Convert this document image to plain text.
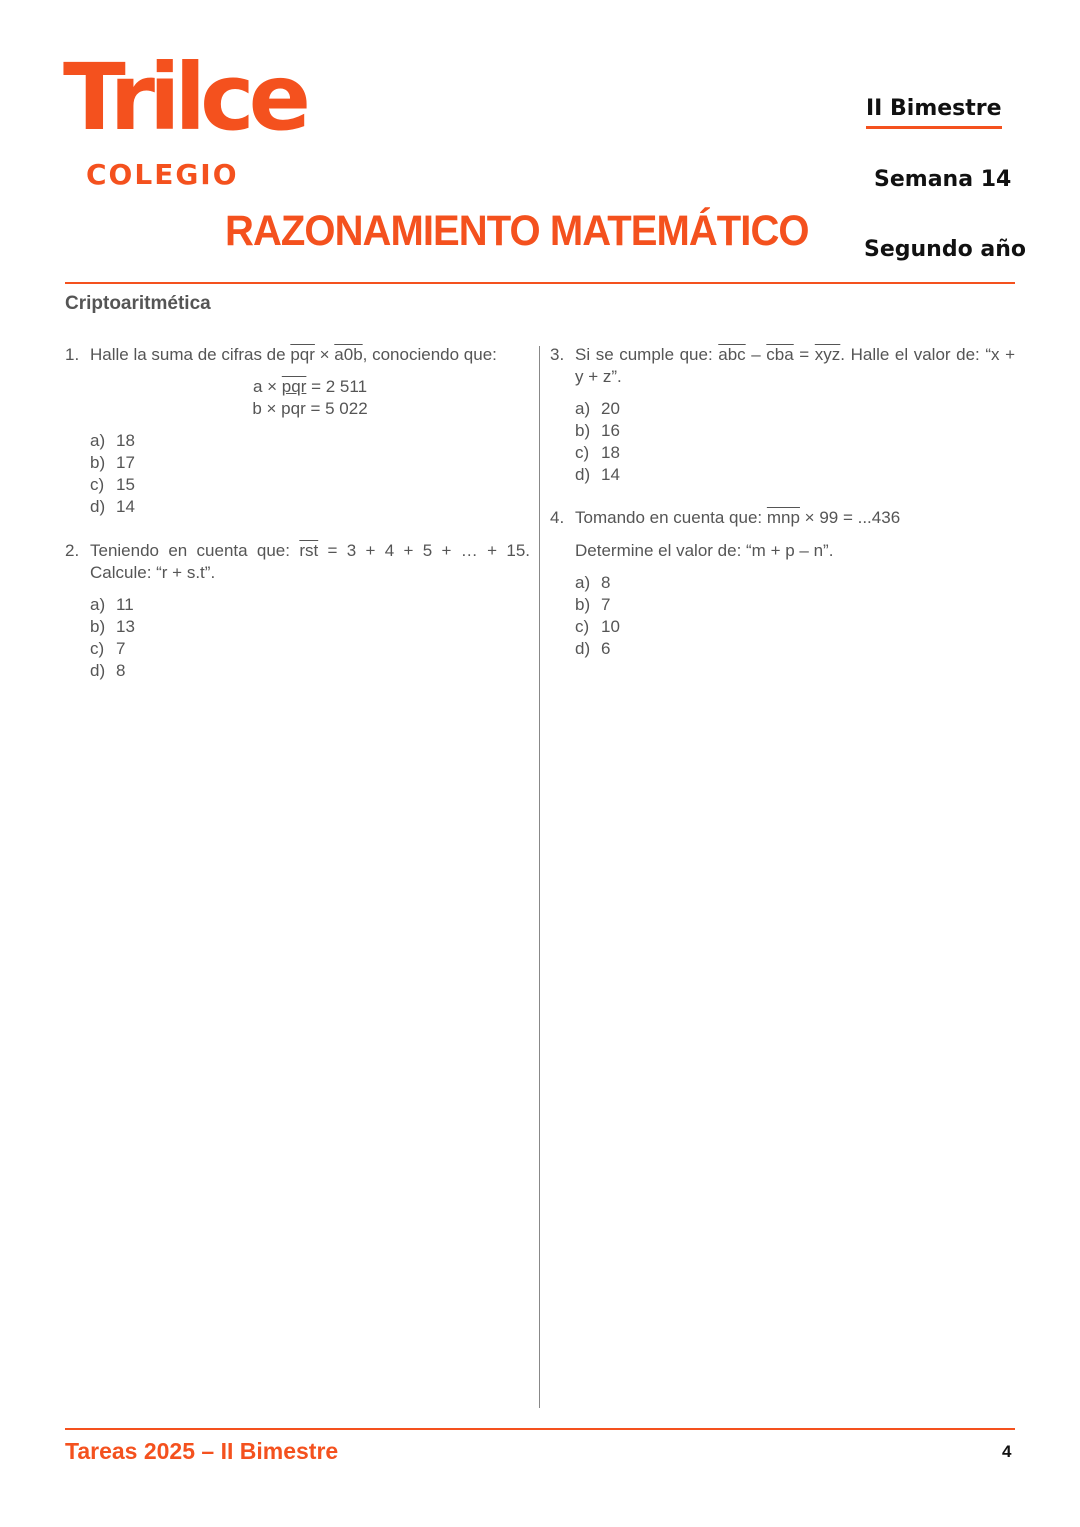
Trilce
COLEGIO
RAZONAMIENTO MATEMÁTICO
II Bimestre
Semana 14
Segundo año
Criptoaritmética
1. Halle la suma de cifras de $\overline{pqr} \times a0b$, conociendo que:
a × pqr = 2 511
b × pqr = 5 022
a) 18
b) 17
c) 15
d) 14
2. Teniendo en cuenta que: $\overline{rst} = 3 + 4 + 5$ + … + 15. Calcule: “r + s.t”.
a) 11
b) 13
c) 7
d) 8
3. Si se cumple que: $\overline{abc} - \overline{cba} = \overline{xyz}$. Halle el valor de: “x + y + z”.
a) 20
b) 16
c) 18
d) 14
4. Tomando en cuenta que: $\overline{mnp} \times 99 = ...436$
Determine el valor de: “m + p – n”.
a) 8
b) 7
c) 10
d) 6
Tareas 2025 – II Bimestre	4
